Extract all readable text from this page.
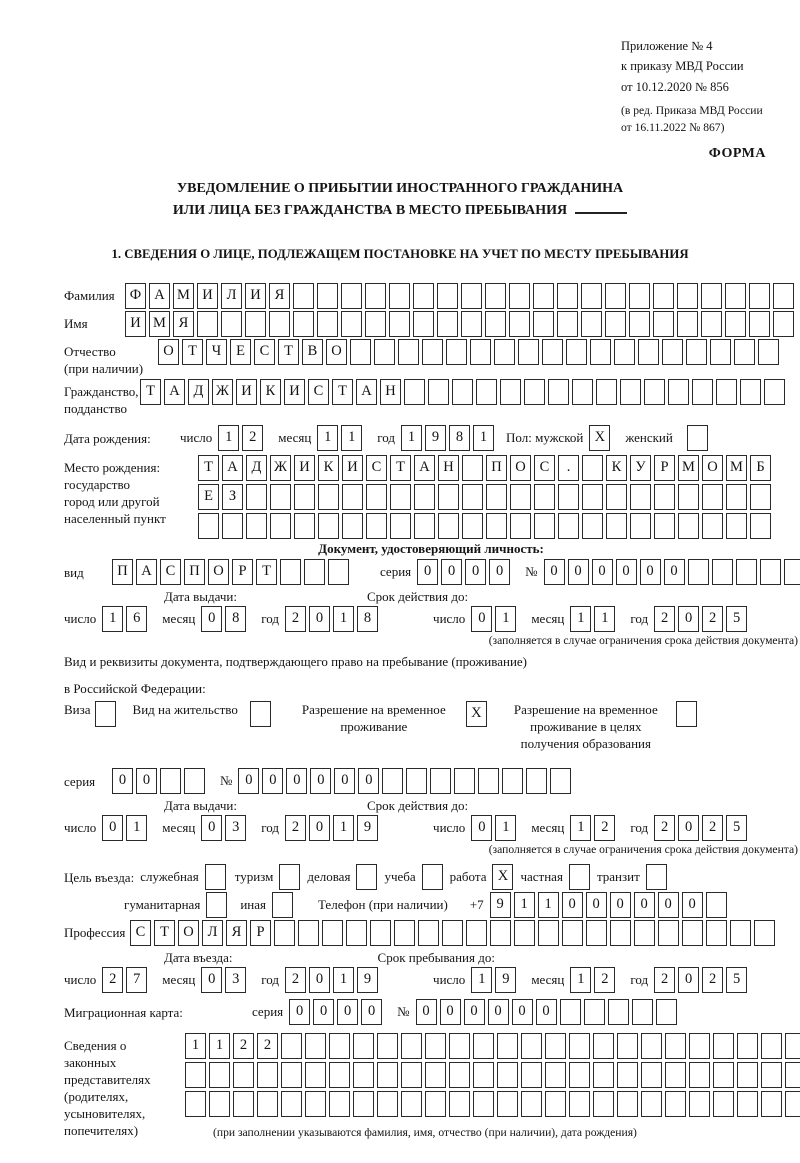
Приложение № 4
к приказу МВД России
от 10.12.2020 № 856
(в ред. Приказа МВД России
от 16.11.2022 № 867)
ФОРМА
УВЕДОМЛЕНИЕ О ПРИБЫТИИ ИНОСТРАННОГО ГРАЖДАНИНА
ИЛИ ЛИЦА БЕЗ ГРАЖДАНСТВА В МЕСТО ПРЕБЫВАНИЯ
1. СВЕДЕНИЯ О ЛИЦЕ, ПОДЛЕЖАЩЕМ ПОСТАНОВКЕ НА УЧЕТ ПО МЕСТУ ПРЕБЫВАНИЯ
Фамилия	Ф А М И Л И Я
Имя	И М Я
Отчество
(при наличии)
О Т Ч Е С Т В О
Гражданство,
подданство
Т А Д Ж И К И С Т А Н
Дата рождения:	число 1 2	месяц 1 1	год 1 9 8 1	Пол: мужской X	женский
Место рождения:
государство
город или другой
населенный пункт
Т А Д Ж И К И С Т А Н	П О С .	К У Р М О М Б
Е З
Документ, удостоверяющий личность:
вид	П А С П О Р Т	серия 0 0 0 0	№ 0 0 0 0 0 0
Дата выдачи:	Срок действия до:
число 1 6	месяц 0 8	год 2 0 1 8	число 0 1	месяц 1 1	год 2 0 2 5
(заполняется в случае ограничения срока действия документа)
Вид и реквизиты документа, подтверждающего право на пребывание (проживание)
в Российской Федерации:
Виза	Вид на жительство	Разрешение на временное
проживание
X	Разрешение на временное
проживание в целях
получения образования
серия	0 0	№ 0 0 0 0 0 0
Дата выдачи:	Срок действия до:
число 0 1	месяц 0 3	год 2 0 1 9	число 0 1	месяц 1 2	год 2 0 2 5
(заполняется в случае ограничения срока действия документа)
Цель въезда: служебная	туризм	деловая	учеба	работа X частная	транзит
гуманитарная	иная	Телефон (при наличии) +7 9 1 1 0 0 0 0 0 0
Профессия С Т О Л Я Р
Дата въезда:	Срок пребывания до:
число 2 7	месяц 0 3	год 2 0 1 9	число 1 9	месяц 1 2	год 2 0 2 5
Миграционная карта:	серия 0 0 0 0	№ 0 0 0 0 0 0
Сведения о
законных
представителях
(родителях,
усыновителях,
попечителях)
1 1 2 2
(при заполнении указываются фамилия, имя, отчество (при наличии), дата рождения)
